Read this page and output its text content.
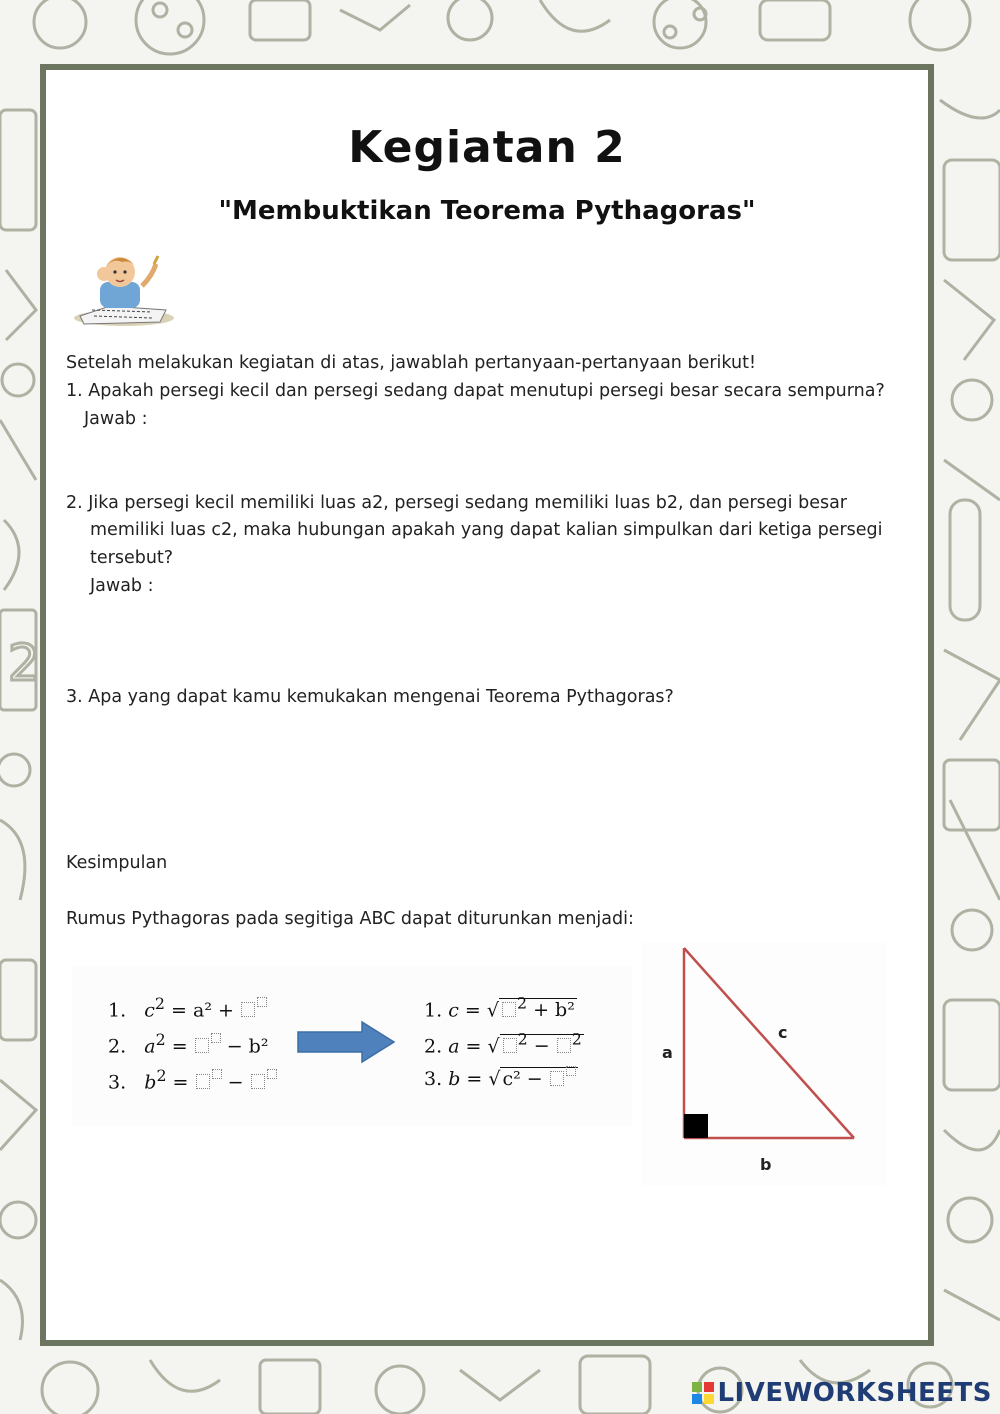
2
Kegiatan 2
"Membuktikan Teorema Pythagoras"
Setelah melakukan kegiatan di atas, jawablah pertanyaan-pertanyaan berikut!
1. Apakah persegi kecil dan persegi sedang dapat menutupi persegi besar secara sempurna?
Jawab :
2. Jika persegi kecil memiliki luas a2, persegi sedang memiliki luas b2, dan persegi besar
memiliki luas c2, maka hubungan apakah yang dapat kalian simpulkan dari ketiga persegi
tersebut?
Jawab :
3. Apa yang dapat kamu kemukakan mengenai Teorema Pythagoras?
Kesimpulan
Rumus Pythagoras pada segitiga ABC dapat diturunkan menjadi:
1. $c^2 = a^2$ +
2. $a^2$ =  − b²
3. $b^2$ =  −
1. c = √ $^2$ + b²
2. a = √ $^2$ − $^2$
3. b = √ c² −
a
b
c
LIVEWORKSHEETS
